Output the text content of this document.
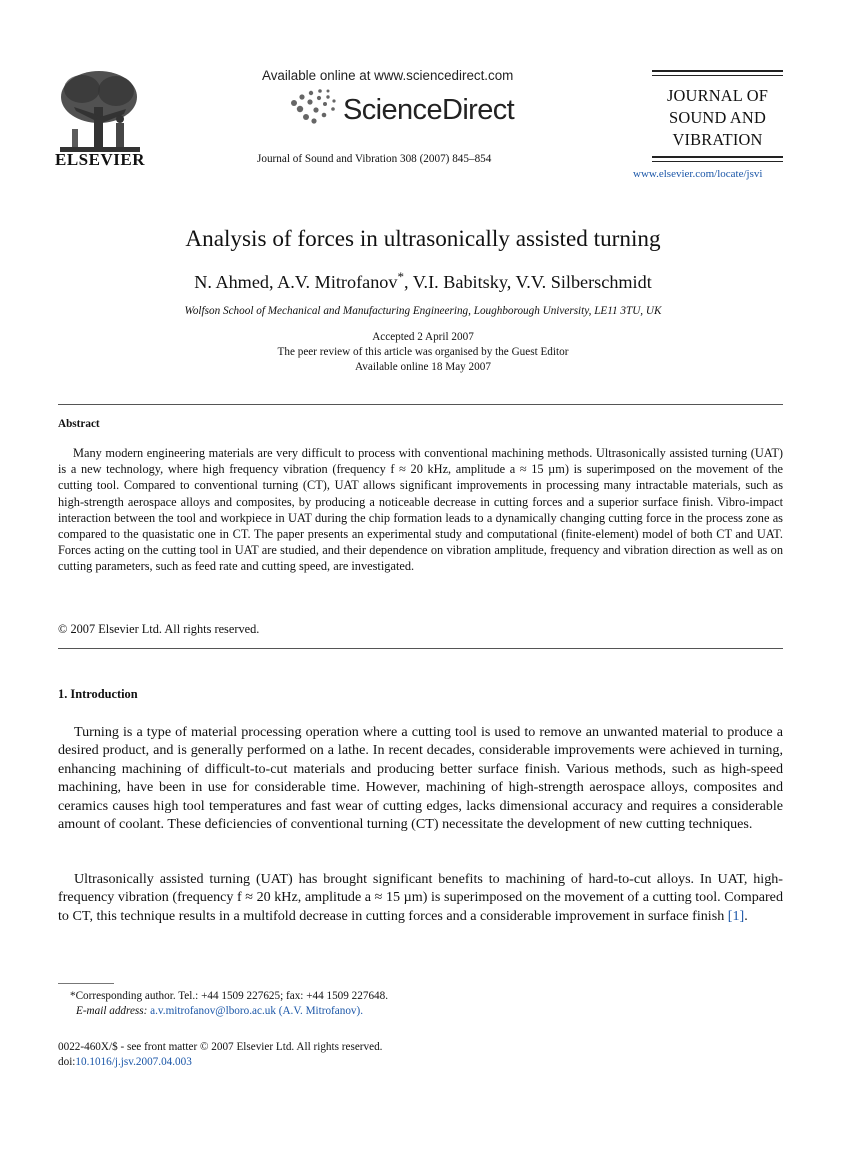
ELSEVIER
Available online at www.sciencedirect.com
ScienceDirect
Journal of Sound and Vibration 308 (2007) 845–854
JOURNAL OF
SOUND AND
VIBRATION
www.elsevier.com/locate/jsvi
Analysis of forces in ultrasonically assisted turning
N. Ahmed, A.V. Mitrofanov*, V.I. Babitsky, V.V. Silberschmidt
Wolfson School of Mechanical and Manufacturing Engineering, Loughborough University, LE11 3TU, UK
Accepted 2 April 2007
The peer review of this article was organised by the Guest Editor
Available online 18 May 2007
Abstract
Many modern engineering materials are very difficult to process with conventional machining methods. Ultrasonically assisted turning (UAT) is a new technology, where high frequency vibration (frequency f ≈ 20 kHz, amplitude a ≈ 15 µm) is superimposed on the movement of the cutting tool. Compared to conventional turning (CT), UAT allows significant improvements in processing many intractable materials, such as high-strength aerospace alloys and composites, by producing a noticeable decrease in cutting forces and a superior surface finish. Vibro-impact interaction between the tool and workpiece in UAT during the chip formation leads to a dynamically changing cutting force in the process zone as compared to the quasistatic one in CT. The paper presents an experimental study and computational (finite-element) model of both CT and UAT. Forces acting on the cutting tool in UAT are studied, and their dependence on vibration amplitude, frequency and vibration direction as well as on cutting parameters, such as feed rate and cutting speed, are investigated.
© 2007 Elsevier Ltd. All rights reserved.
1. Introduction
Turning is a type of material processing operation where a cutting tool is used to remove an unwanted material to produce a desired product, and is generally performed on a lathe. In recent decades, considerable improvements were achieved in turning, enhancing machining of difficult-to-cut materials and producing better surface finish. Various methods, such as high-speed machining, have been in use for considerable time. However, machining of high-strength aerospace alloys, composites and ceramics causes high tool temperatures and fast wear of cutting edges, lacks dimensional accuracy and requires a considerable amount of coolant. These deficiencies of conventional turning (CT) necessitate the development of new cutting techniques.
Ultrasonically assisted turning (UAT) has brought significant benefits to machining of hard-to-cut alloys. In UAT, high-frequency vibration (frequency f ≈ 20 kHz, amplitude a ≈ 15 µm) is superimposed on the movement of a cutting tool. Compared to CT, this technique results in a multifold decrease in cutting forces and a considerable improvement in surface finish [1].
*Corresponding author. Tel.: +44 1509 227625; fax: +44 1509 227648.
E-mail address: a.v.mitrofanov@lboro.ac.uk (A.V. Mitrofanov).
0022-460X/$ - see front matter © 2007 Elsevier Ltd. All rights reserved.
doi:10.1016/j.jsv.2007.04.003
